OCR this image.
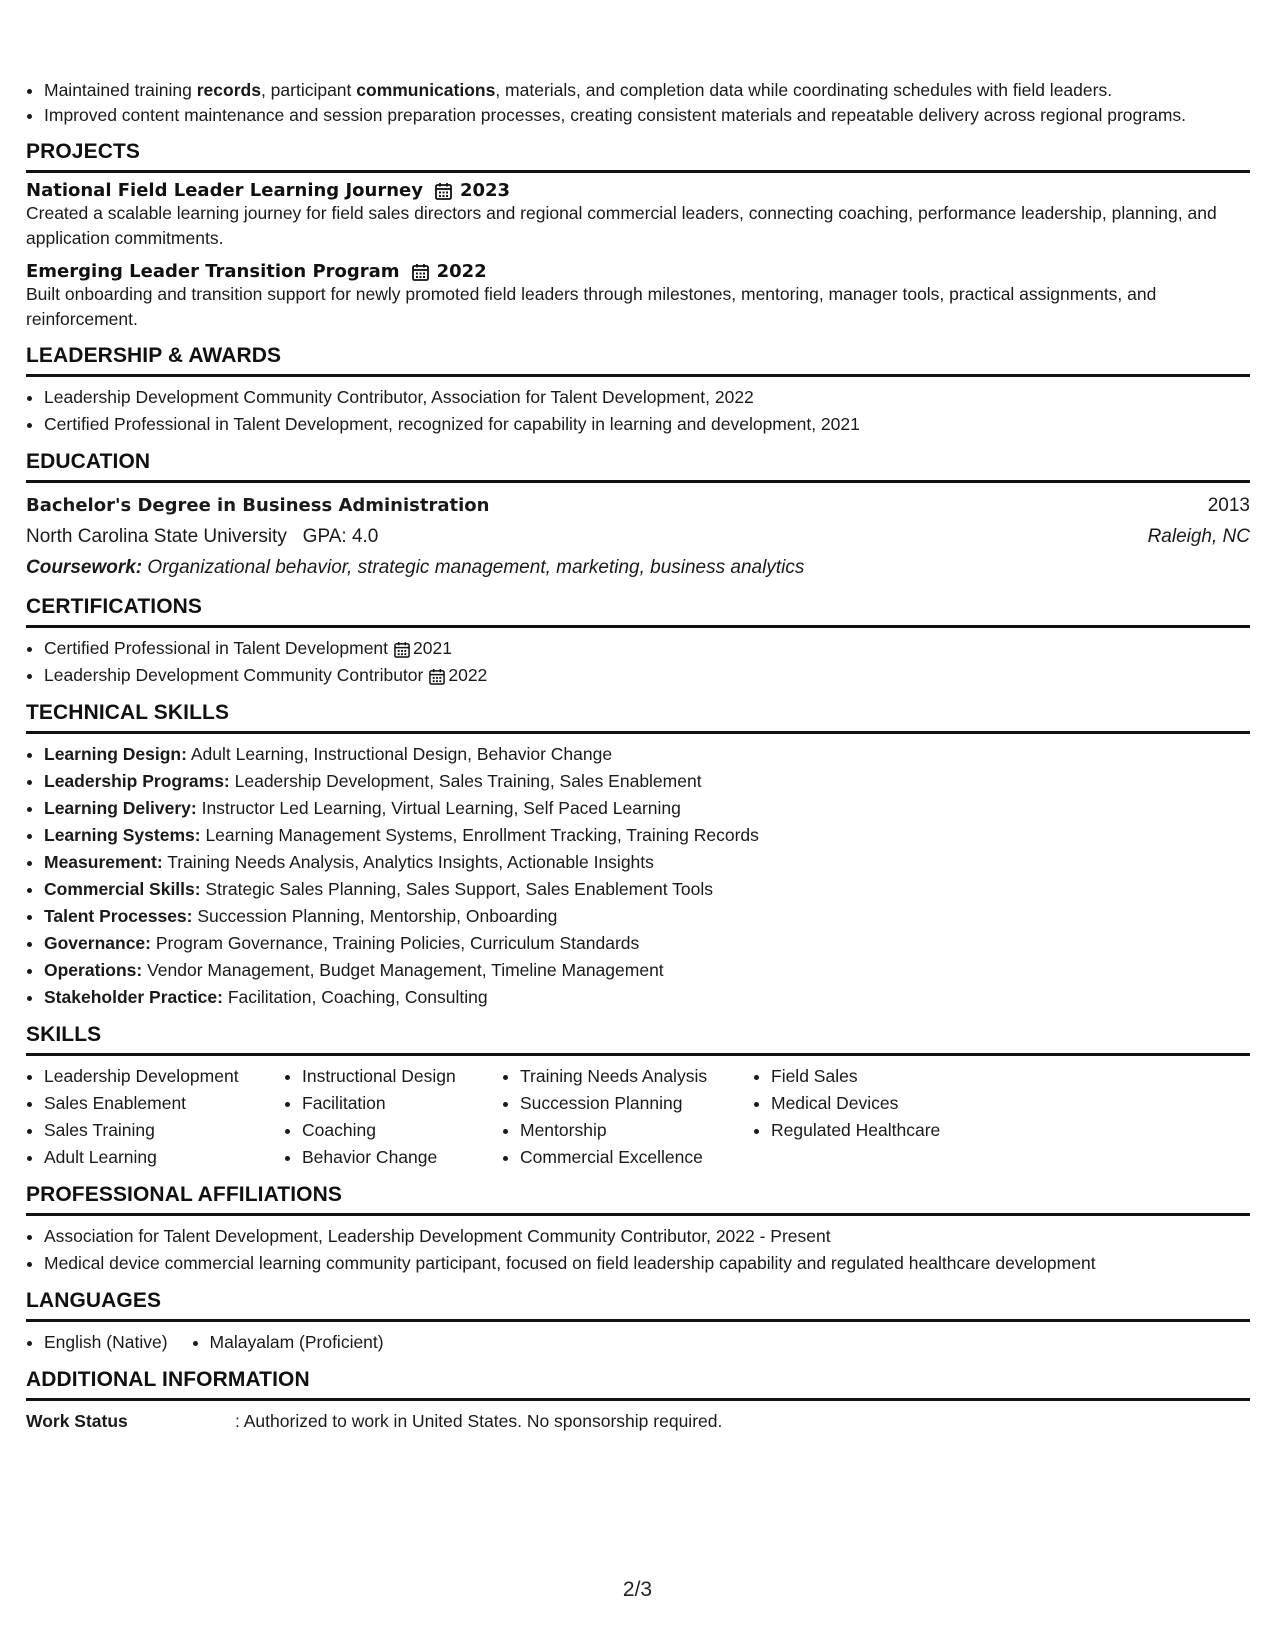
• Maintained training records, participant communications, materials, and completion data while coordinating schedules with field leaders.
• Improved content maintenance and session preparation processes, creating consistent materials and repeatable delivery across regional programs.
PROJECTS
National Field Leader Learning Journey 2023
Created a scalable learning journey for field sales directors and regional commercial leaders, connecting coaching, performance leadership, planning, and application commitments.
Emerging Leader Transition Program 2022
Built onboarding and transition support for newly promoted field leaders through milestones, mentoring, manager tools, practical assignments, and reinforcement.
LEADERSHIP & AWARDS
• Leadership Development Community Contributor, Association for Talent Development, 2022
• Certified Professional in Talent Development, recognized for capability in learning and development, 2021
EDUCATION
Bachelor's Degree in Business Administration	2013
North Carolina State University GPA: 4.0	Raleigh, NC
Coursework: Organizational behavior, strategic management, marketing, business analytics
CERTIFICATIONS
• Certified Professional in Talent Development 2021
• Leadership Development Community Contributor 2022
TECHNICAL SKILLS
• Learning Design: Adult Learning, Instructional Design, Behavior Change
• Leadership Programs: Leadership Development, Sales Training, Sales Enablement
• Learning Delivery: Instructor Led Learning, Virtual Learning, Self Paced Learning
• Learning Systems: Learning Management Systems, Enrollment Tracking, Training Records
• Measurement: Training Needs Analysis, Analytics Insights, Actionable Insights
• Commercial Skills: Strategic Sales Planning, Sales Support, Sales Enablement Tools
• Talent Processes: Succession Planning, Mentorship, Onboarding
• Governance: Program Governance, Training Policies, Curriculum Standards
• Operations: Vendor Management, Budget Management, Timeline Management
• Stakeholder Practice: Facilitation, Coaching, Consulting
SKILLS
• Leadership Development
• Sales Enablement
• Sales Training
• Adult Learning
• Instructional Design
• Facilitation
• Coaching
• Behavior Change
• Training Needs Analysis
• Succession Planning
• Mentorship
• Commercial Excellence
• Field Sales
• Medical Devices
• Regulated Healthcare
PROFESSIONAL AFFILIATIONS
• Association for Talent Development, Leadership Development Community Contributor, 2022 - Present
• Medical device commercial learning community participant, focused on field leadership capability and regulated healthcare development
LANGUAGES
• English (Native)
• Malayalam (Proficient)
ADDITIONAL INFORMATION
Work Status	: Authorized to work in United States. No sponsorship required.
2/3
